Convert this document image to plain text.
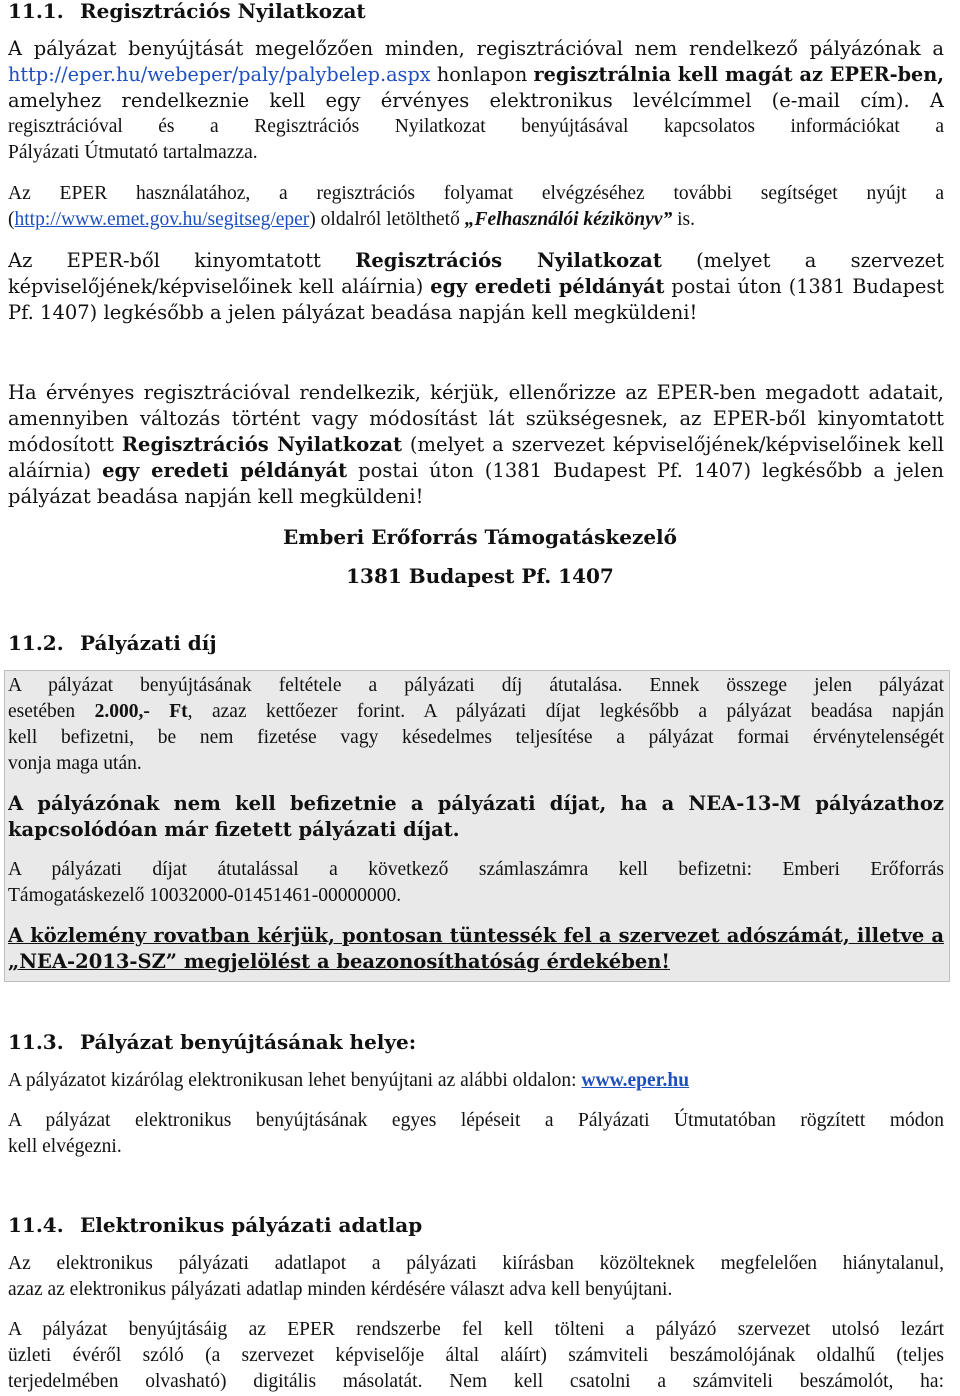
11.1. Regisztrációs Nyilatkozat
A pályázat benyújtását megelőzően minden, regisztrációval nem rendelkező pályázónak a
http://eper.hu/webeper/paly/palybelep.aspx honlapon regisztrálnia kell magát az EPER-ben,
amelyhez rendelkeznie kell egy érvényes elektronikus levélcímmel (e-mail cím). A
regisztrációval és a Regisztrációs Nyilatkozat benyújtásával kapcsolatos információkat a
Pályázati Útmutató tartalmazza.
Az EPER használatához, a regisztrációs folyamat elvégzéséhez további segítséget nyújt a
(http://www.emet.gov.hu/segitseg/eper) oldalról letölthető „Felhasználói kézikönyv” is.
Az EPER-ből kinyomtatott Regisztrációs Nyilatkozat (melyet a szervezet
képviselőjének/képviselőinek kell aláírnia) egy eredeti példányát postai úton (1381 Budapest
Pf. 1407) legkésőbb a jelen pályázat beadása napján kell megküldeni!
Ha érvényes regisztrációval rendelkezik, kérjük, ellenőrizze az EPER-ben megadott adatait,
amennyiben változás történt vagy módosítást lát szükségesnek, az EPER-ből kinyomtatott
módosított Regisztrációs Nyilatkozat (melyet a szervezet képviselőjének/képviselőinek kell
aláírnia) egy eredeti példányát postai úton (1381 Budapest Pf. 1407) legkésőbb a jelen
pályázat beadása napján kell megküldeni!
Emberi Erőforrás Támogatáskezelő
1381 Budapest Pf. 1407
11.2. Pályázati díj
A pályázat benyújtásának feltétele a pályázati díj átutalása. Ennek összege jelen pályázat
esetében 2.000,- Ft, azaz kettőezer forint. A pályázati díjat legkésőbb a pályázat beadása napján
kell befizetni, be nem fizetése vagy késedelmes teljesítése a pályázat formai érvénytelenségét
vonja maga után.
A pályázónak nem kell befizetnie a pályázati díjat, ha a NEA-13-M pályázathoz
kapcsolódóan már fizetett pályázati díjat.
A pályázati díjat átutalással a következő számlaszámra kell befizetni: Emberi Erőforrás
Támogatáskezelő 10032000-01451461-00000000.
A közlemény rovatban kérjük, pontosan tüntessék fel a szervezet adószámát, illetve a
„NEA-2013-SZ” megjelölést a beazonosíthatóság érdekében!
11.3. Pályázat benyújtásának helye:
A pályázatot kizárólag elektronikusan lehet benyújtani az alábbi oldalon: www.eper.hu
A pályázat elektronikus benyújtásának egyes lépéseit a Pályázati Útmutatóban rögzített módon
kell elvégezni.
11.4. Elektronikus pályázati adatlap
Az elektronikus pályázati adatlapot a pályázati kiírásban közölteknek megfelelően hiánytalanul,
azaz az elektronikus pályázati adatlap minden kérdésére választ adva kell benyújtani.
A pályázat benyújtásáig az EPER rendszerbe fel kell tölteni a pályázó szervezet utolsó lezárt
üzleti évéről szóló (a szervezet képviselője által aláírt) számviteli beszámolójának oldalhű (teljes
terjedelmében olvasható) digitális másolatát. Nem kell csatolni a számviteli beszámolót, ha:
